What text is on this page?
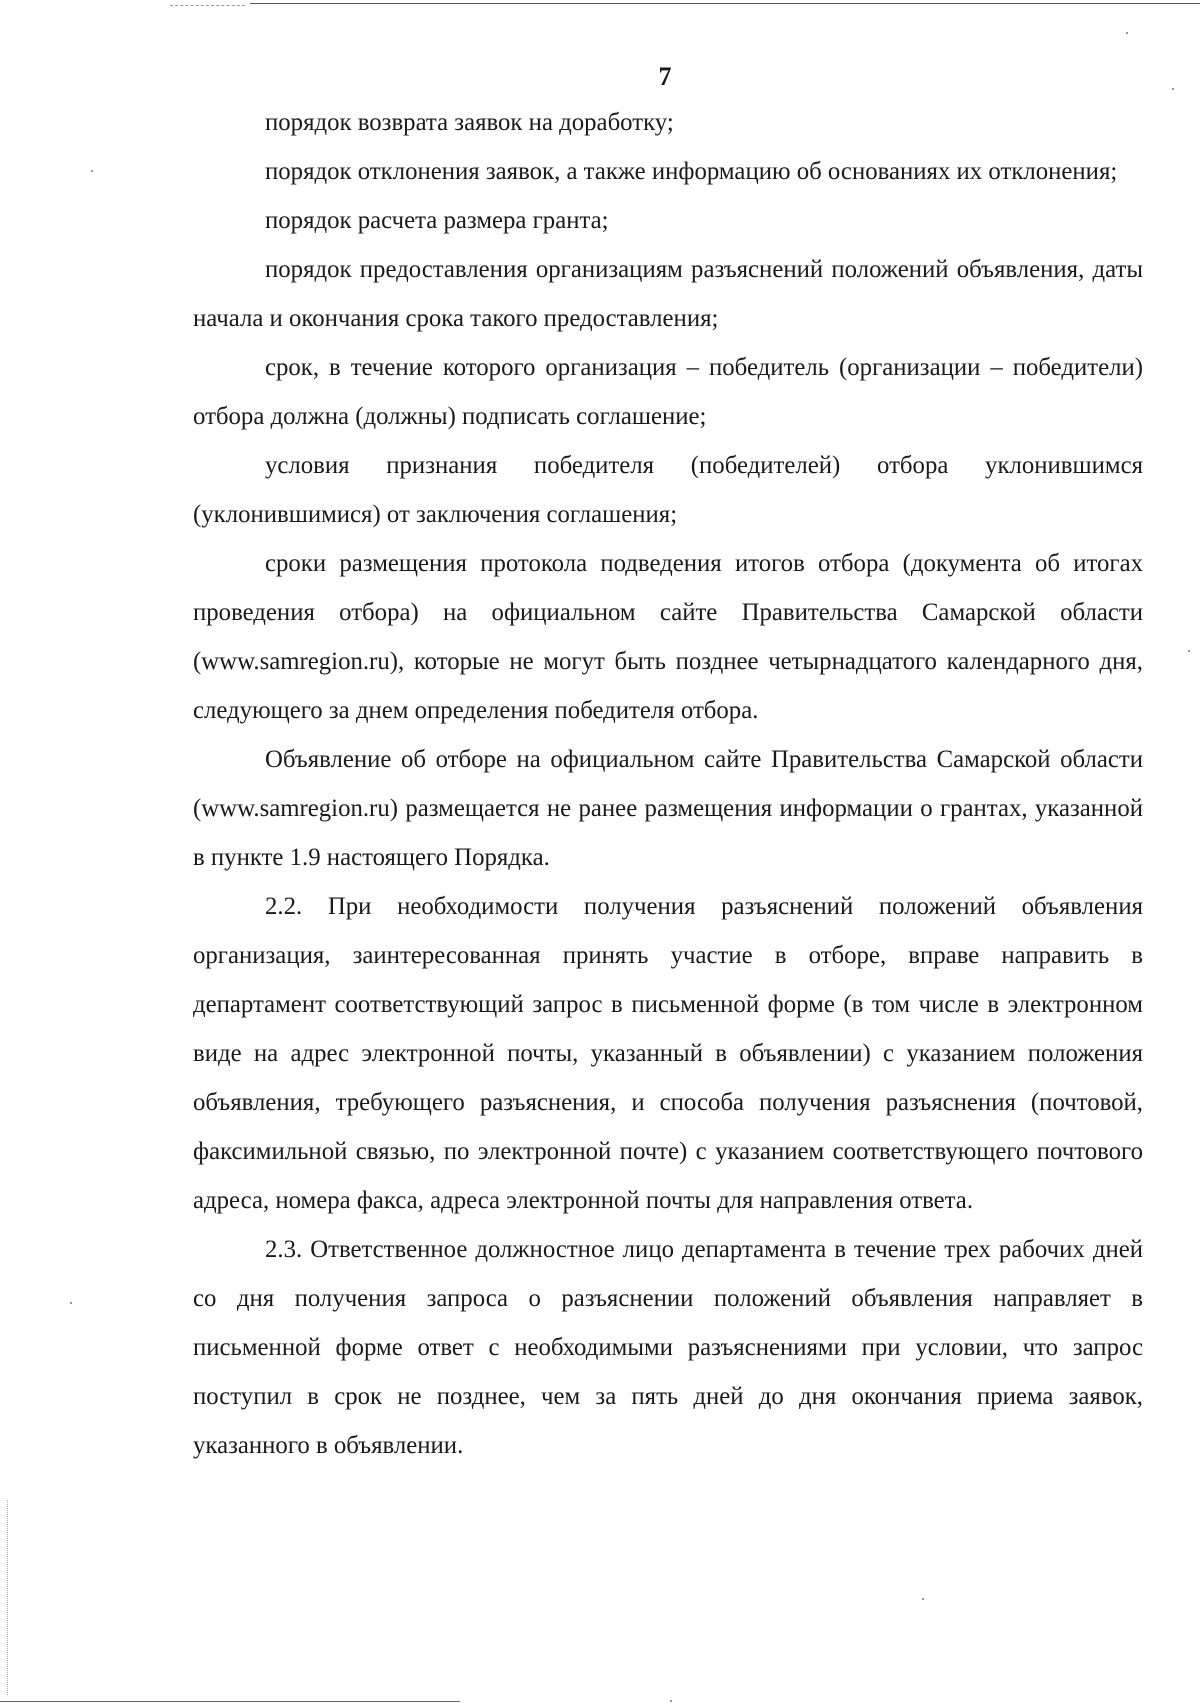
7

порядок возврата заявок на доработку;

порядок отклонения заявок, а также информацию об основаниях их отклонения;

порядок расчета размера гранта;

порядок предоставления организациям разъяснений положений объявления, даты начала и окончания срока такого предоставления;

срок, в течение которого организация – победитель (организации – победители) отбора должна (должны) подписать соглашение;

условия признания победителя (победителей) отбора уклонившимся (уклонившимися) от заключения соглашения;

сроки размещения протокола подведения итогов отбора (документа об итогах проведения отбора) на официальном сайте Правительства Самарской области (www.samregion.ru), которые не могут быть позднее четырнадцатого календарного дня, следующего за днем определения победителя отбора.

Объявление об отборе на официальном сайте Правительства Самарской области (www.samregion.ru) размещается не ранее размещения информации о грантах, указанной в пункте 1.9 настоящего Порядка.

2.2. При необходимости получения разъяснений положений объявления организация, заинтересованная принять участие в отборе, вправе направить в департамент соответствующий запрос в письменной форме (в том числе в электронном виде на адрес электронной почты, указанный в объявлении) с указанием положения объявления, требующего разъяснения, и способа получения разъяснения (почтовой, факсимильной связью, по электронной почте) с указанием соответствующего почтового адреса, номера факса, адреса электронной почты для направления ответа.

2.3. Ответственное должностное лицо департамента в течение трех рабочих дней со дня получения запроса о разъяснении положений объявления направляет в письменной форме ответ с необходимыми разъяснениями при условии, что запрос поступил в срок не позднее, чем за пять дней до дня окончания приема заявок, указанного в объявлении.
